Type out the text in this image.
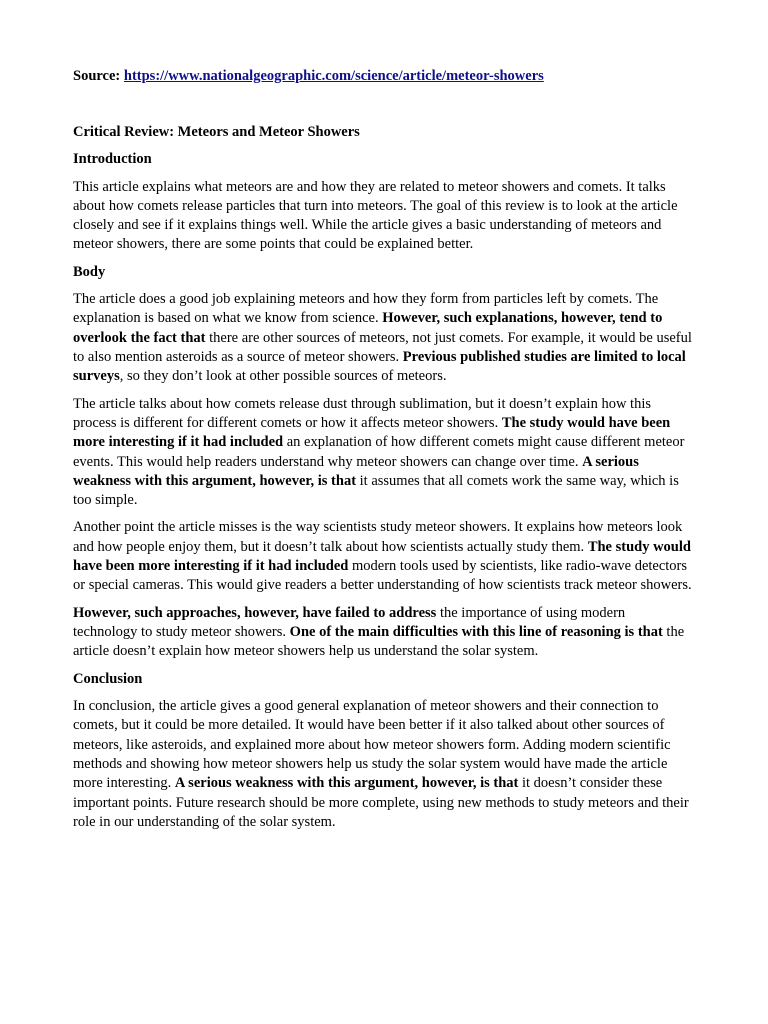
Source: https://www.nationalgeographic.com/science/article/meteor-showers

Critical Review: Meteors and Meteor Showers
Introduction

This article explains what meteors are and how they are related to meteor showers and comets. It talks about how comets release particles that turn into meteors. The goal of this review is to look at the article closely and see if it explains things well. While the article gives a basic understanding of meteors and meteor showers, there are some points that could be explained better.

Body

The article does a good job explaining meteors and how they form from particles left by comets. The explanation is based on what we know from science. However, such explanations, however, tend to overlook the fact that there are other sources of meteors, not just comets. For example, it would be useful to also mention asteroids as a source of meteor showers. Previous published studies are limited to local surveys, so they don’t look at other possible sources of meteors.

The article talks about how comets release dust through sublimation, but it doesn’t explain how this process is different for different comets or how it affects meteor showers. The study would have been more interesting if it had included an explanation of how different comets might cause different meteor events. This would help readers understand why meteor showers can change over time. A serious weakness with this argument, however, is that it assumes that all comets work the same way, which is too simple.

Another point the article misses is the way scientists study meteor showers. It explains how meteors look and how people enjoy them, but it doesn’t talk about how scientists actually study them. The study would have been more interesting if it had included modern tools used by scientists, like radio-wave detectors or special cameras. This would give readers a better understanding of how scientists track meteor showers.

However, such approaches, however, have failed to address the importance of using modern technology to study meteor showers. One of the main difficulties with this line of reasoning is that the article doesn’t explain how meteor showers help us understand the solar system.

Conclusion

In conclusion, the article gives a good general explanation of meteor showers and their connection to comets, but it could be more detailed. It would have been better if it also talked about other sources of meteors, like asteroids, and explained more about how meteor showers form. Adding modern scientific methods and showing how meteor showers help us study the solar system would have made the article more interesting. A serious weakness with this argument, however, is that it doesn’t consider these important points. Future research should be more complete, using new methods to study meteors and their role in our understanding of the solar system.
